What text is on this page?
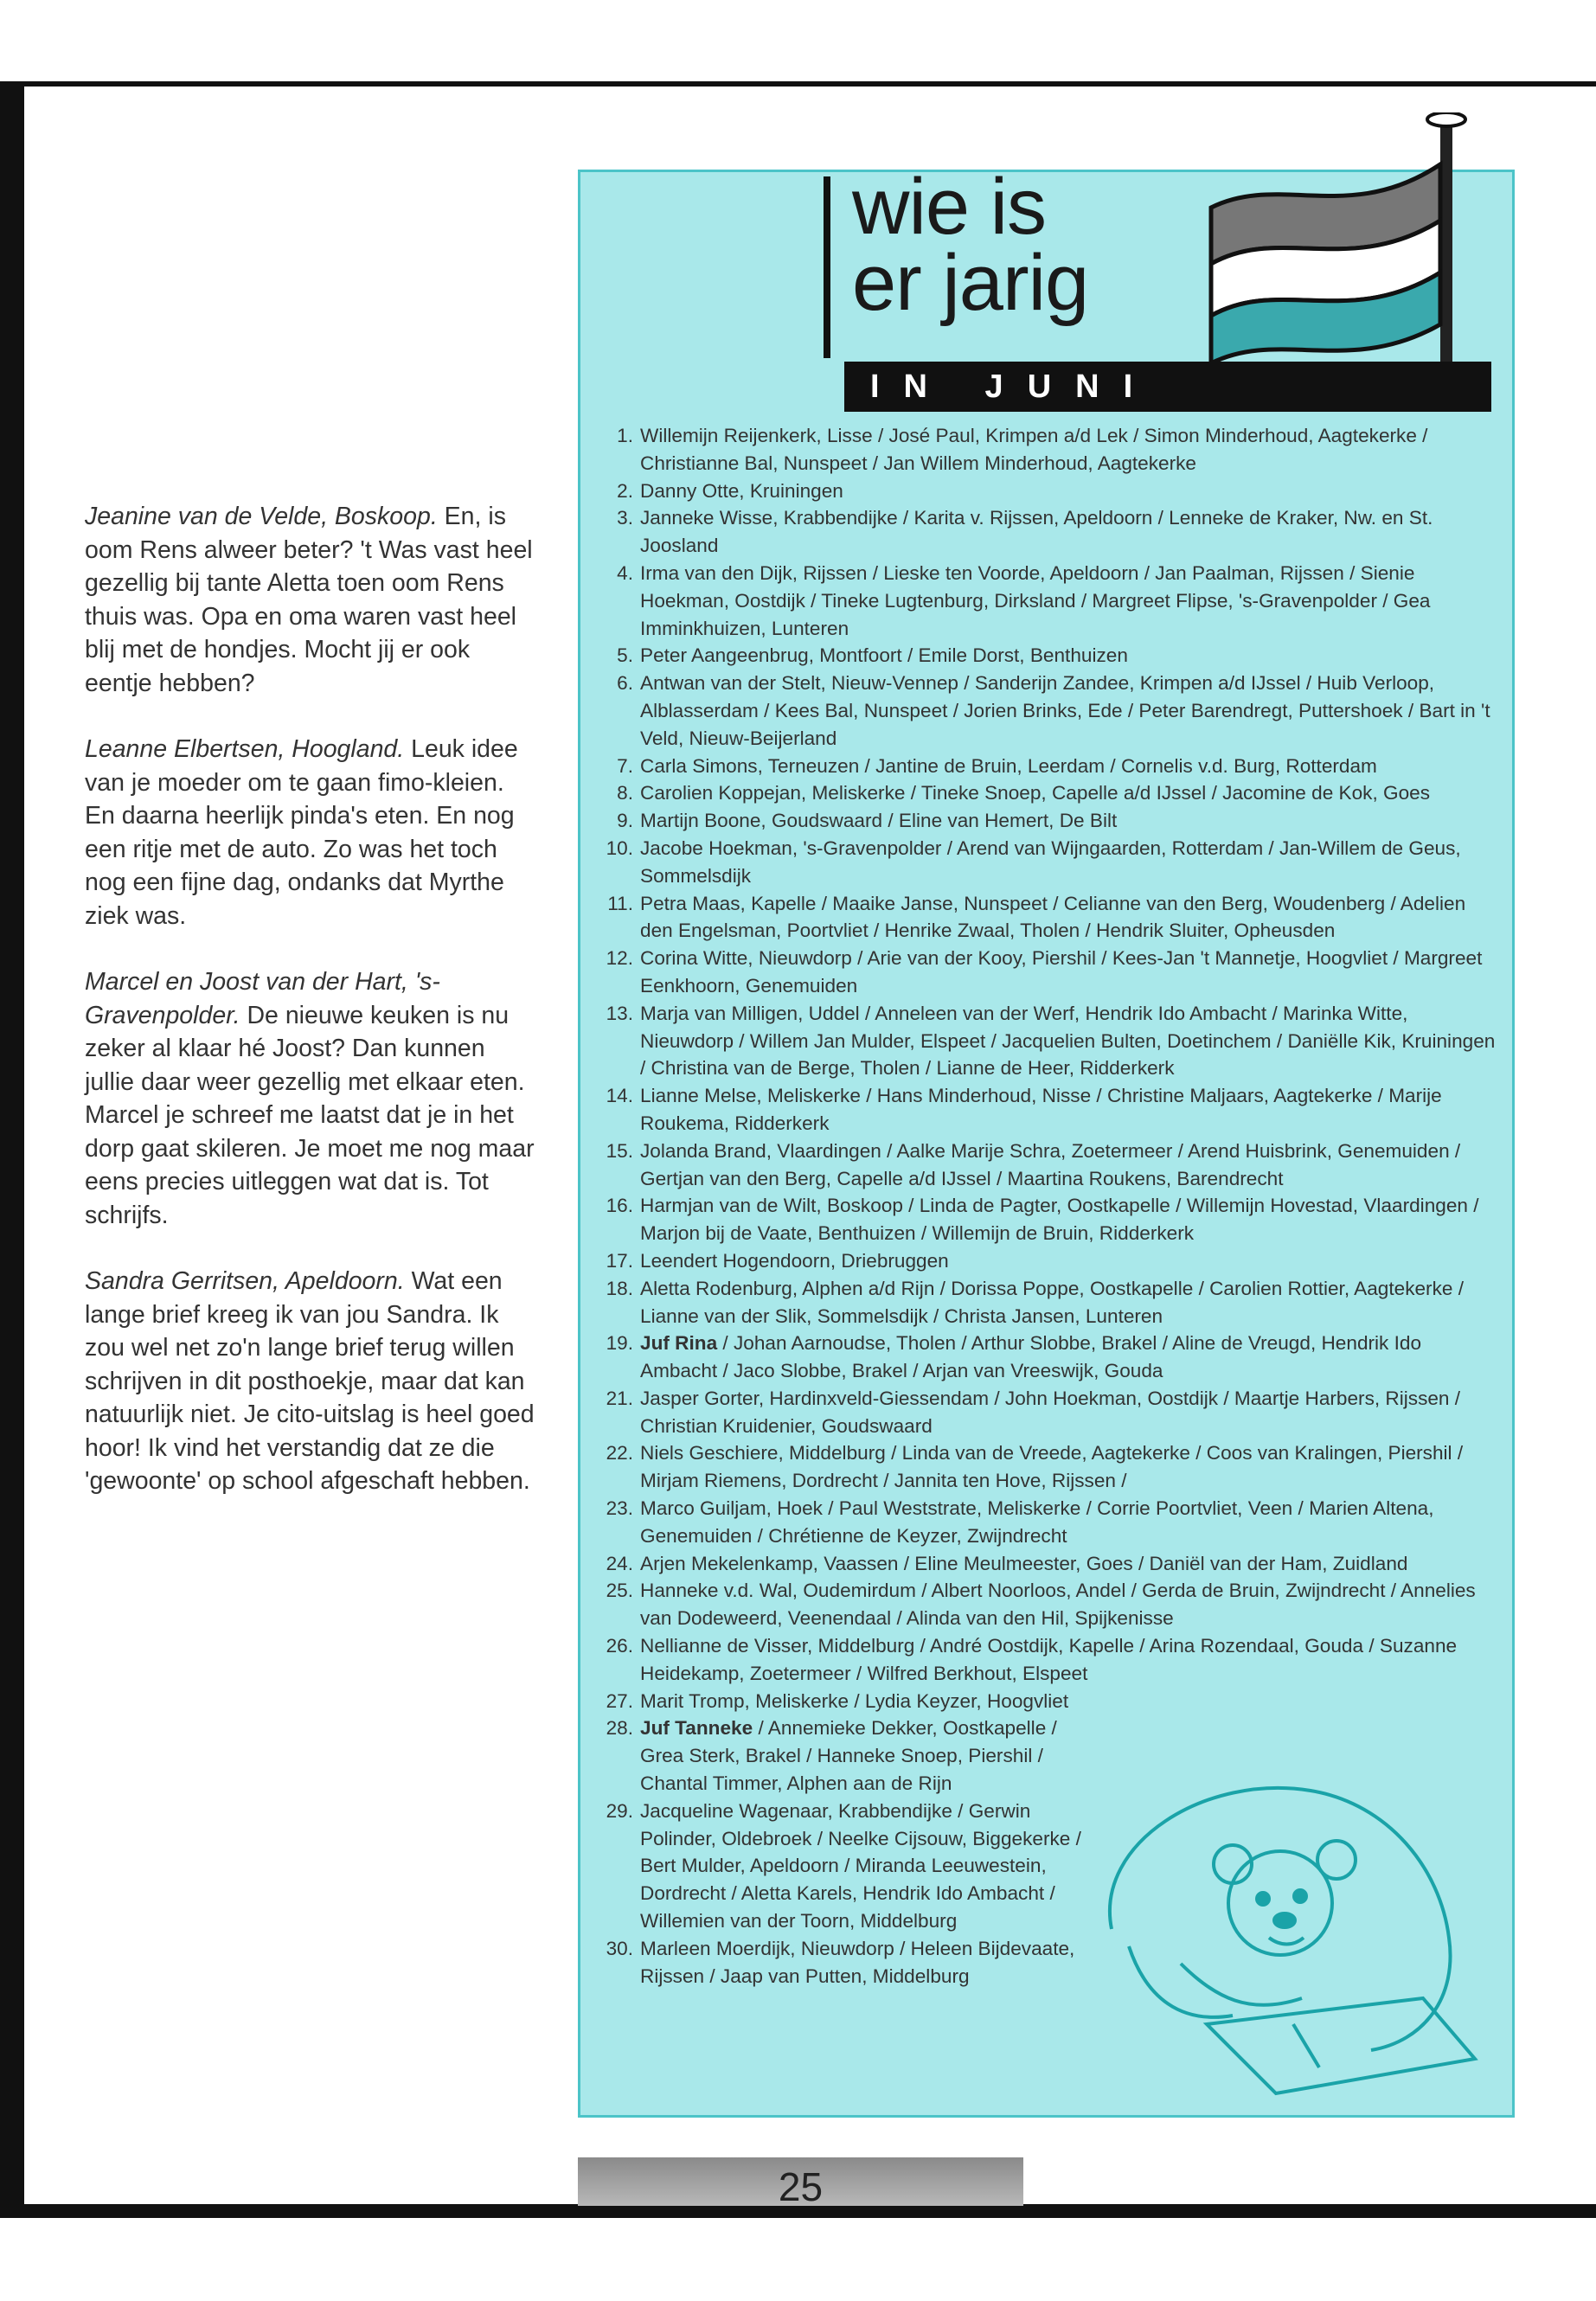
Jeanine van de Velde, Boskoop. En, is oom Rens alweer beter? 't Was vast heel gezellig bij tante Aletta toen oom Rens thuis was. Opa en oma waren vast heel blij met de hondjes. Mocht jij er ook eentje hebben?

Leanne Elbertsen, Hoogland. Leuk idee van je moeder om te gaan fimo-kleien. En daarna heerlijk pinda's eten. En nog een ritje met de auto. Zo was het toch nog een fijne dag, ondanks dat Myrthe ziek was.

Marcel en Joost van der Hart, 's-Gravenpolder. De nieuwe keuken is nu zeker al klaar hé Joost? Dan kunnen jullie daar weer gezellig met elkaar eten. Marcel je schreef me laatst dat je in het dorp gaat skileren. Je moet me nog maar eens precies uitleggen wat dat is. Tot schrijfs.

Sandra Gerritsen, Apeldoorn. Wat een lange brief kreeg ik van jou Sandra. Ik zou wel net zo'n lange brief terug willen schrijven in dit posthoekje, maar dat kan natuurlijk niet. Je cito-uitslag is heel goed hoor! Ik vind het verstandig dat ze die 'gewoonte' op school afgeschaft hebben.

wie is
er jarig
IN JUNI
1. Willemijn Reijenkerk, Lisse / José Paul, Krimpen a/d Lek / Simon Minderhoud, Aagtekerke / Christianne Bal, Nunspeet / Jan Willem Minderhoud, Aagtekerke
2. Danny Otte, Kruiningen
3. Janneke Wisse, Krabbendijke / Karita v. Rijssen, Apeldoorn / Lenneke de Kraker, Nw. en St. Joosland
4. Irma van den Dijk, Rijssen / Lieske ten Voorde, Apeldoorn / Jan Paalman, Rijssen / Sienie Hoekman, Oostdijk / Tineke Lugtenburg, Dirksland / Margreet Flipse, 's-Gravenpolder / Gea Imminkhuizen, Lunteren
5. Peter Aangeenbrug, Montfoort / Emile Dorst, Benthuizen
6. Antwan van der Stelt, Nieuw-Vennep / Sanderijn Zandee, Krimpen a/d IJssel / Huib Verloop, Alblasserdam / Kees Bal, Nunspeet / Jorien Brinks, Ede / Peter Barendregt, Puttershoek / Bart in 't Veld, Nieuw-Beijerland
7. Carla Simons, Terneuzen / Jantine de Bruin, Leerdam / Cornelis v.d. Burg, Rotterdam
8. Carolien Koppejan, Meliskerke / Tineke Snoep, Capelle a/d IJssel / Jacomine de Kok, Goes
9. Martijn Boone, Goudswaard / Eline van Hemert, De Bilt
10. Jacobe Hoekman, 's-Gravenpolder / Arend van Wijngaarden, Rotterdam / Jan-Willem de Geus, Sommelsdijk
11. Petra Maas, Kapelle / Maaike Janse, Nunspeet / Celianne van den Berg, Woudenberg / Adelien den Engelsman, Poortvliet / Henrike Zwaal, Tholen / Hendrik Sluiter, Opheusden
12. Corina Witte, Nieuwdorp / Arie van der Kooy, Piershil / Kees-Jan 't Mannetje, Hoogvliet / Margreet Eenkhoorn, Genemuiden
13. Marja van Milligen, Uddel / Anneleen van der Werf, Hendrik Ido Ambacht / Marinka Witte, Nieuwdorp / Willem Jan Mulder, Elspeet / Jacquelien Bulten, Doetinchem / Daniëlle Kik, Kruiningen / Christina van de Berge, Tholen / Lianne de Heer, Ridderkerk
14. Lianne Melse, Meliskerke / Hans Minderhoud, Nisse / Christine Maljaars, Aagtekerke / Marije Roukema, Ridderkerk
15. Jolanda Brand, Vlaardingen / Aalke Marije Schra, Zoetermeer / Arend Huisbrink, Genemuiden / Gertjan van den Berg, Capelle a/d IJssel / Maartina Roukens, Barendrecht
16. Harmjan van de Wilt, Boskoop / Linda de Pagter, Oostkapelle / Willemijn Hovestad, Vlaardingen / Marjon bij de Vaate, Benthuizen / Willemijn de Bruin, Ridderkerk
17. Leendert Hogendoorn, Driebruggen
18. Aletta Rodenburg, Alphen a/d Rijn / Dorissa Poppe, Oostkapelle / Carolien Rottier, Aagtekerke / Lianne van der Slik, Sommelsdijk / Christa Jansen, Lunteren
19. Juf Rina / Johan Aarnoudse, Tholen / Arthur Slobbe, Brakel / Aline de Vreugd, Hendrik Ido Ambacht / Jaco Slobbe, Brakel / Arjan van Vreeswijk, Gouda
21. Jasper Gorter, Hardinxveld-Giessendam / John Hoekman, Oostdijk / Maartje Harbers, Rijssen / Christian Kruidenier, Goudswaard
22. Niels Geschiere, Middelburg / Linda van de Vreede, Aagtekerke / Coos van Kralingen, Piershil / Mirjam Riemens, Dordrecht / Jannita ten Hove, Rijssen /
23. Marco Guiljam, Hoek / Paul Weststrate, Meliskerke / Corrie Poortvliet, Veen / Marien Altena, Genemuiden / Chrétienne de Keyzer, Zwijndrecht
24. Arjen Mekelenkamp, Vaassen / Eline Meulmeester, Goes / Daniël van der Ham, Zuidland
25. Hanneke v.d. Wal, Oudemirdum / Albert Noorloos, Andel / Gerda de Bruin, Zwijndrecht / Annelies van Dodeweerd, Veenendaal / Alinda van den Hil, Spijkenisse
26. Nellianne de Visser, Middelburg / André Oostdijk, Kapelle / Arina Rozendaal, Gouda / Suzanne Heidekamp, Zoetermeer / Wilfred Berkhout, Elspeet
27. Marit Tromp, Meliskerke / Lydia Keyzer, Hoogvliet
28. Juf Tanneke / Annemieke Dekker, Oostkapelle / Grea Sterk, Brakel / Hanneke Snoep, Piershil / Chantal Timmer, Alphen aan de Rijn
29. Jacqueline Wagenaar, Krabbendijke / Gerwin Polinder, Oldebroek / Neelke Cijsouw, Biggekerke / Bert Mulder, Apeldoorn / Miranda Leeuwestein, Dordrecht / Aletta Karels, Hendrik Ido Ambacht / Willemien van der Toorn, Middelburg
30. Marleen Moerdijk, Nieuwdorp / Heleen Bijdevaate, Rijssen / Jaap van Putten, Middelburg
25
